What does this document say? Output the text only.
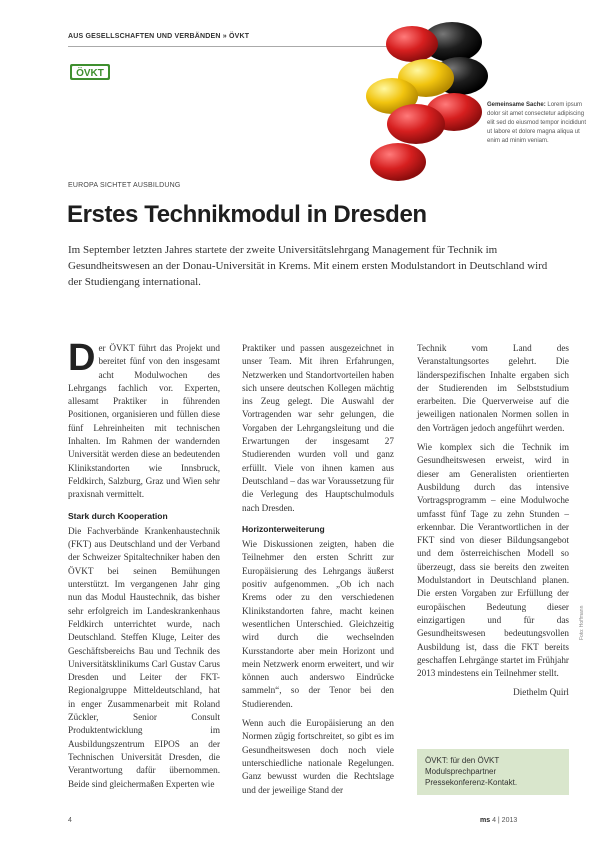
AUS GESELLSCHAFTEN UND VERBÄNDEN » ÖVKT
ÖVKT
Gemeinsame Sache: Lorem ipsum dolor sit amet consectetur adipiscing elit sed do eiusmod tempor incididunt ut labore et dolore magna aliqua ut enim ad minim veniam.
EUROPA SICHTET AUSBILDUNG
Erstes Technikmodul in Dresden

Im September letzten Jahres startete der zweite Universitätslehrgang Management für Technik im Gesundheitswesen an der Donau-Universität in Krems. Mit einem ersten Modulstandort in Deutschland wird der Studiengang international.

Der ÖVKT führt das Projekt und bereitet fünf von den insgesamt acht Modulwochen des Lehrgangs fachlich vor. Experten, allesamt Praktiker in führenden Positionen, organisieren und füllen diese fünf Lehreinheiten mit technischen Inhalten. Im Rahmen der wandernden Universität werden diese an bedeutenden Klinikstandorten wie Innsbruck, Feldkirch, Salzburg, Graz und Wien sehr praxisnah vermittelt.

Stark durch Kooperation

Die Fachverbände Krankenhaustechnik (FKT) aus Deutschland und der Verband der Schweizer Spitaltechniker haben den ÖVKT bei seinen Bemühungen unterstützt. Im vergangenen Jahr ging nun das Modul Haustechnik, das bisher sehr erfolgreich im Landeskrankenhaus Feldkirch unterrichtet wurde, nach Deutschland. Steffen Kluge, Leiter des Geschäftsbereichs Bau und Technik des Universitätsklinikums Carl Gustav Carus Dresden und Leiter der FKT-Regionalgruppe Mitteldeutschland, hat in enger Zusammenarbeit mit Roland Zückler, Senior Consult Produktentwicklung im Ausbildungszentrum EIPOS an der Technischen Universität Dresden, die Verantwortung dafür übernommen. Beide sind gleichermaßen Experten wie

Praktiker und passen ausgezeichnet in unser Team. Mit ihren Erfahrungen, Netzwerken und Standortvorteilen haben sich unsere deutschen Kollegen mächtig ins Zeug gelegt. Die Auswahl der Vortragenden war sehr gelungen, die Vorgaben der Lehrgangsleitung und die Erwartungen der insgesamt 27 Studierenden wurden voll und ganz erfüllt. Viele von ihnen kamen aus Deutschland – das war Voraussetzung für die Verlegung des Hauptschulmoduls nach Dresden.

Horizonterweiterung

Wie Diskussionen zeigten, haben die Teilnehmer den ersten Schritt zur Europäisierung des Lehrgangs äußerst positiv aufgenommen. „Ob ich nach Krems oder zu den verschiedenen Klinikstandorten fahre, macht keinen wesentlichen Unterschied. Gleichzeitig wird durch die wechselnden Kursstandorte aber mein Horizont und mein Netzwerk enorm erweitert, und wir können auch anderswo Eindrücke sammeln“, so der Tenor bei den Studierenden.

Wenn auch die Europäisierung an den Normen zügig fortschreitet, so gibt es im Gesundheitswesen doch noch viele unterschiedliche nationale Regelungen. Ganz bewusst wurden die Rechtslage und der jeweilige Stand der

Technik vom Land des Veranstaltungsortes gelehrt. Die länderspezifischen Inhalte ergaben sich der Studierenden im Selbststudium erarbeiten. Die Querverweise auf die jeweiligen nationalen Normen sollen in den Vorträgen jedoch angeführt werden.

Wie komplex sich die Technik im Gesundheitswesen erweist, wird in dieser am Generalisten orientierten Ausbildung durch das intensive Vortragsprogramm – eine Modulwoche umfasst fünf Tage zu zehn Stunden – erkennbar. Die Verantwortlichen in der FKT sind von dieser Bildungsangebot und dem österreichischen Modell so überzeugt, dass sie bereits den zweiten Modulstandort in Deutschland planen. Die ersten Vorgaben zur Erfüllung der europäischen Bedeutung dieser einzigartigen und für das Gesundheitswesen bedeutungsvollen Ausbildung ist, dass die FKT bereits geschaffen Lehrgänge startet im Frühjahr 2013 mindestens ein Teilnehmer stellt.

Diethelm Quirl

ÖVKT: für den ÖVKT Modulsprechpartner Pressekonferenz-Kontakt.
Foto: Hoffmann
4	ms 4 | 2013
